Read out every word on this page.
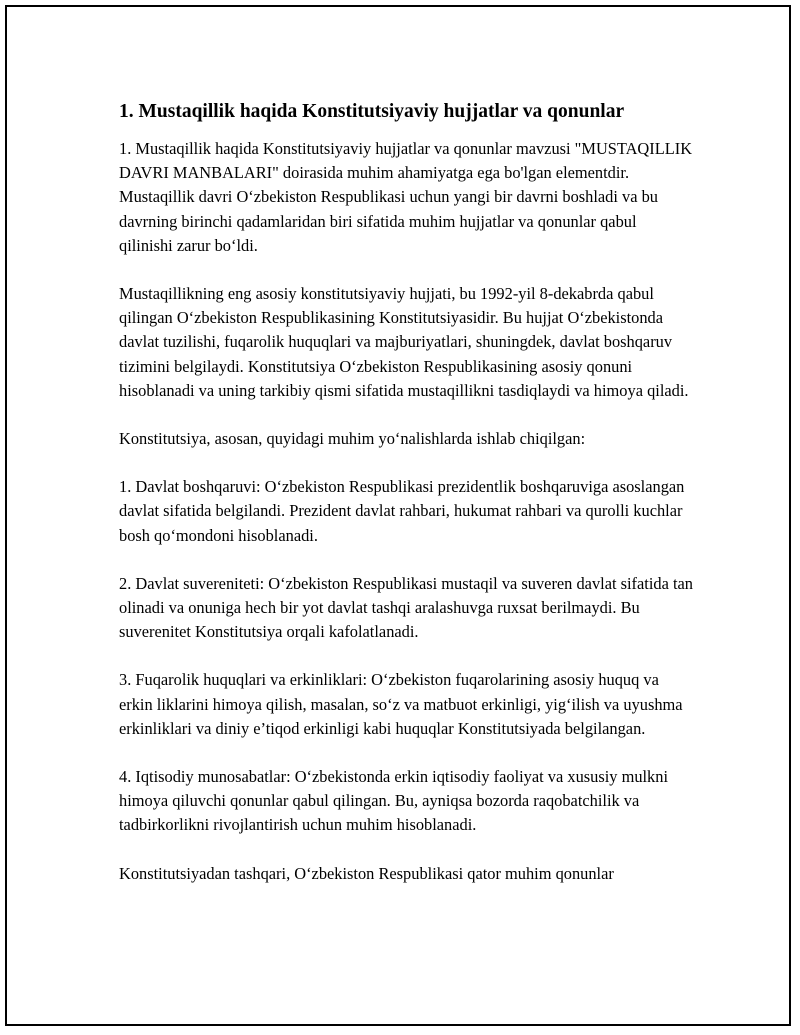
1. Mustaqillik haqida Konstitutsiyaviy hujjatlar va qonunlar

1. Mustaqillik haqida Konstitutsiyaviy hujjatlar va qonunlar mavzusi "MUSTAQILLIK DAVRI MANBALARI" doirasida muhim ahamiyatga ega bo'lgan elementdir. Mustaqillik davri O‘zbekiston Respublikasi uchun yangi bir davrni boshladi va bu davrning birinchi qadamlaridan biri sifatida muhim hujjatlar va qonunlar qabul qilinishi zarur bo‘ldi.

Mustaqillikning eng asosiy konstitutsiyaviy hujjati, bu 1992-yil 8-dekabrda qabul qilingan O‘zbekiston Respublikasining Konstitutsiyasidir. Bu hujjat O‘zbekistonda davlat tuzilishi, fuqarolik huquqlari va majburiyatlari, shuningdek, davlat boshqaruv tizimini belgilaydi. Konstitutsiya O‘zbekiston Respublikasining asosiy qonuni hisoblanadi va uning tarkibiy qismi sifatida mustaqillikni tasdiqlaydi va himoya qiladi.

Konstitutsiya, asosan, quyidagi muhim yo‘nalishlarda ishlab chiqilgan:

1. Davlat boshqaruvi: O‘zbekiston Respublikasi prezidentlik boshqaruviga asoslangan davlat sifatida belgilandi. Prezident davlat rahbari, hukumat rahbari va qurolli kuchlar bosh qo‘mondoni hisoblanadi.

2. Davlat suvereniteti: O‘zbekiston Respublikasi mustaqil va suveren davlat sifatida tan olinadi va onuniga hech bir yot davlat tashqi aralashuvga ruxsat berilmaydi. Bu suverenitet Konstitutsiya orqali kafolatlanadi.

3. Fuqarolik huquqlari va erkinliklari: O‘zbekiston fuqarolarining asosiy huquq va erkin liklarini himoya qilish, masalan, so‘z va matbuot erkinligi, yig‘ilish va uyushma erkinliklari va diniy e’tiqod erkinligi kabi huquqlar Konstitutsiyada belgilangan.

4. Iqtisodiy munosabatlar: O‘zbekistonda erkin iqtisodiy faoliyat va xususiy mulkni himoya qiluvchi qonunlar qabul qilingan. Bu, ayniqsa bozorda raqobatchilik va tadbirkorlikni rivojlantirish uchun muhim hisoblanadi.

Konstitutsiyadan tashqari, O‘zbekiston Respublikasi qator muhim qonunlar
